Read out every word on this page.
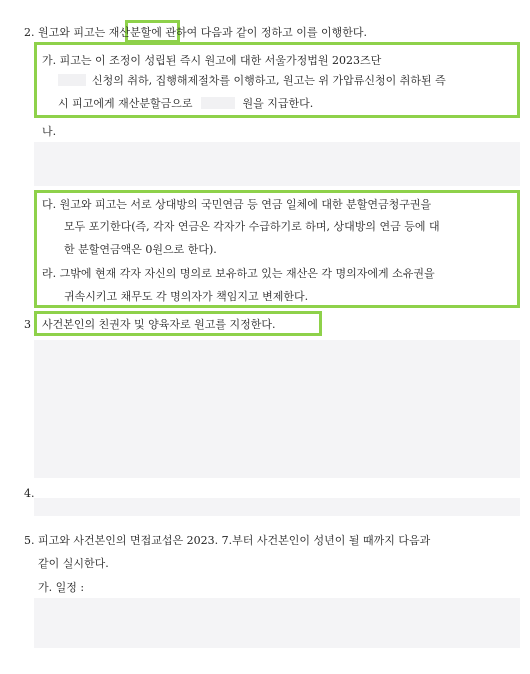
2. 원고와 피고는 재산분할에 관하여 다음과 같이 정하고 이를 이행한다.
가. 피고는 이 조정이 성립된 즉시 원고에 대한 서울가정법원 2023즈단
신청의 취하, 집행해제절차를 이행하고, 원고는 위 가압류신청이 취하된 즉
시 피고에게 재산분할금으로	원을 지급한다.
나.
다. 원고와 피고는 서로 상대방의 국민연금 등 연금 일체에 대한 분할연금청구권을
모두 포기한다(즉, 각자 연금은 각자가 수급하기로 하며, 상대방의 연금 등에 대
한 분할연금액은 0원으로 한다).
라. 그밖에 현재 각자 자신의 명의로 보유하고 있는 재산은 각 명의자에게 소유권을
귀속시키고 채무도 각 명의자가 책임지고 변제한다.
3 사건본인의 친권자 및 양육자로 원고를 지정한다.
4.
5. 피고와 사건본인의 면접교섭은 2023. 7.부터 사건본인이 성년이 될 때까지 다음과
같이 실시한다.
가. 일정 :
